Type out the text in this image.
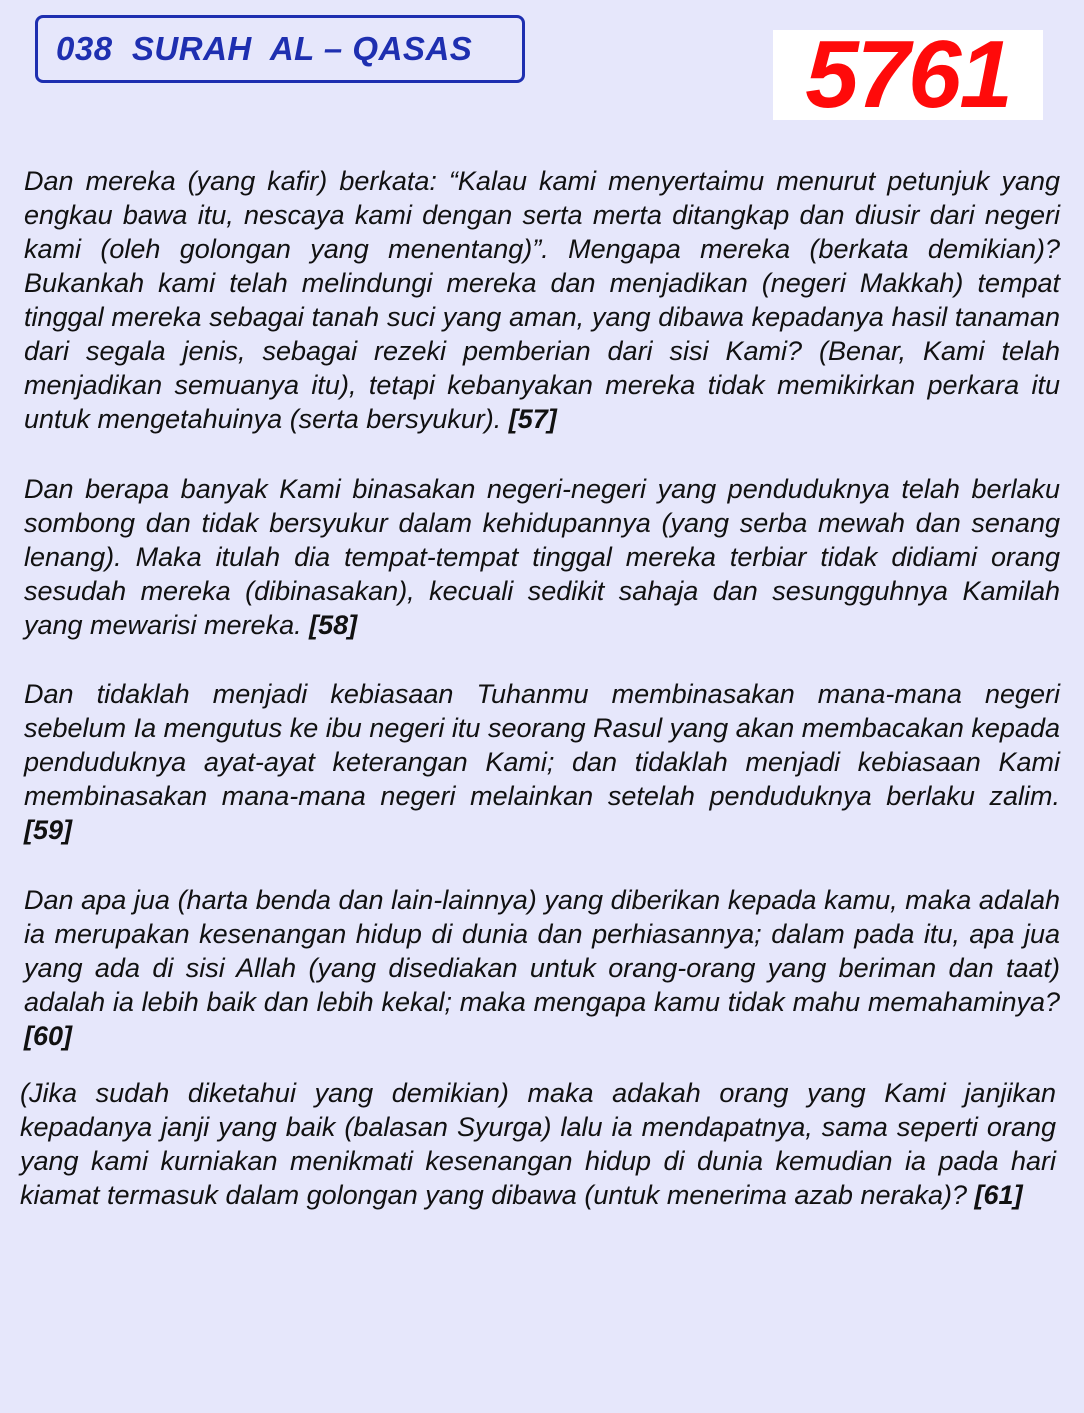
038  SURAH  AL – QASAS	5761

Dan mereka (yang kafir) berkata: “Kalau kami menyertaimu menurut petunjuk yang engkau bawa itu, nescaya kami dengan serta merta ditangkap dan diusir dari negeri kami (oleh golongan yang menentang)”. Mengapa mereka (berkata demikian)? Bukankah kami telah melindungi mereka dan menjadikan (negeri Makkah) tempat tinggal mereka sebagai tanah suci yang aman, yang dibawa kepadanya hasil tanaman dari segala jenis, sebagai rezeki pemberian dari sisi Kami? (Benar, Kami telah menjadikan semuanya itu), tetapi kebanyakan mereka tidak memikirkan perkara itu untuk mengetahuinya (serta bersyukur). [57]

Dan berapa banyak Kami binasakan negeri-negeri yang penduduknya telah berlaku sombong dan tidak bersyukur dalam kehidupannya (yang serba mewah dan senang lenang). Maka itulah dia tempat-tempat tinggal mereka terbiar tidak didiami orang sesudah mereka (dibinasakan), kecuali sedikit sahaja dan sesungguhnya Kamilah yang mewarisi mereka. [58]

Dan tidaklah menjadi kebiasaan Tuhanmu membinasakan mana-mana negeri sebelum Ia mengutus ke ibu negeri itu seorang Rasul yang akan membacakan kepada penduduknya ayat-ayat keterangan Kami; dan tidaklah menjadi kebiasaan Kami membinasakan mana-mana negeri melainkan setelah penduduknya berlaku zalim. [59]

Dan apa jua (harta benda dan lain-lainnya) yang diberikan kepada kamu, maka adalah ia merupakan kesenangan hidup di dunia dan perhiasannya; dalam pada itu, apa jua yang ada di sisi Allah (yang disediakan untuk orang-orang yang beriman dan taat) adalah ia lebih baik dan lebih kekal; maka mengapa kamu tidak mahu memahaminya? [60]

(Jika sudah diketahui yang demikian) maka adakah orang yang Kami janjikan kepadanya janji yang baik (balasan Syurga) lalu ia mendapatnya, sama seperti orang yang kami kurniakan menikmati kesenangan hidup di dunia kemudian ia pada hari kiamat termasuk dalam golongan yang dibawa (untuk menerima azab neraka)? [61]
